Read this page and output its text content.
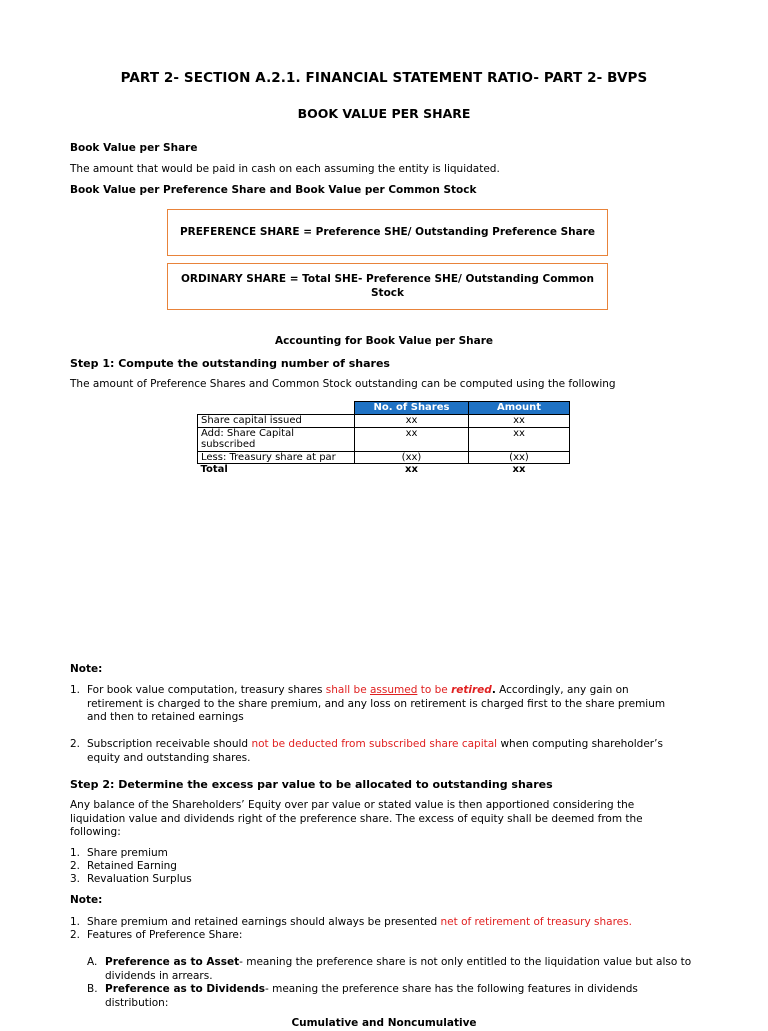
PART 2- SECTION A.2.1. FINANCIAL STATEMENT RATIO- PART 2- BVPS
BOOK VALUE PER SHARE
Book Value per Share
The amount that would be paid in cash on each assuming the entity is liquidated.
Book Value per Preference Share and Book Value per Common Stock
PREFERENCE SHARE = Preference SHE/ Outstanding Preference Share
ORDINARY SHARE = Total SHE- Preference SHE/ Outstanding Common Stock
Accounting for Book Value per Share
Step 1: Compute the outstanding number of shares
The amount of Preference Shares and Common Stock outstanding can be computed using the following
	No. of Shares	Amount
Share capital issued	xx	xx
Add: Share Capital subscribed	xx	xx
Less: Treasury share at par	(xx)	(xx)
Total	xx	xx
Note:
1. For book value computation, treasury shares shall be assumed to be retired. Accordingly, any gain on retirement is charged to the share premium, and any loss on retirement is charged first to the share premium and then to retained earnings
2. Subscription receivable should not be deducted from subscribed share capital when computing shareholder’s equity and outstanding shares.
Step 2: Determine the excess par value to be allocated to outstanding shares
Any balance of the Shareholders’ Equity over par value or stated value is then apportioned considering the liquidation value and dividends right of the preference share. The excess of equity shall be deemed from the following:
1. Share premium
2. Retained Earning
3. Revaluation Surplus
Note:
1. Share premium and retained earnings should always be presented net of retirement of treasury shares.
2. Features of Preference Share:
A. Preference as to Asset- meaning the preference share is not only entitled to the liquidation value but also to dividends in arrears.
B. Preference as to Dividends- meaning the preference share has the following features in dividends distribution:
Cumulative and Noncumulative
